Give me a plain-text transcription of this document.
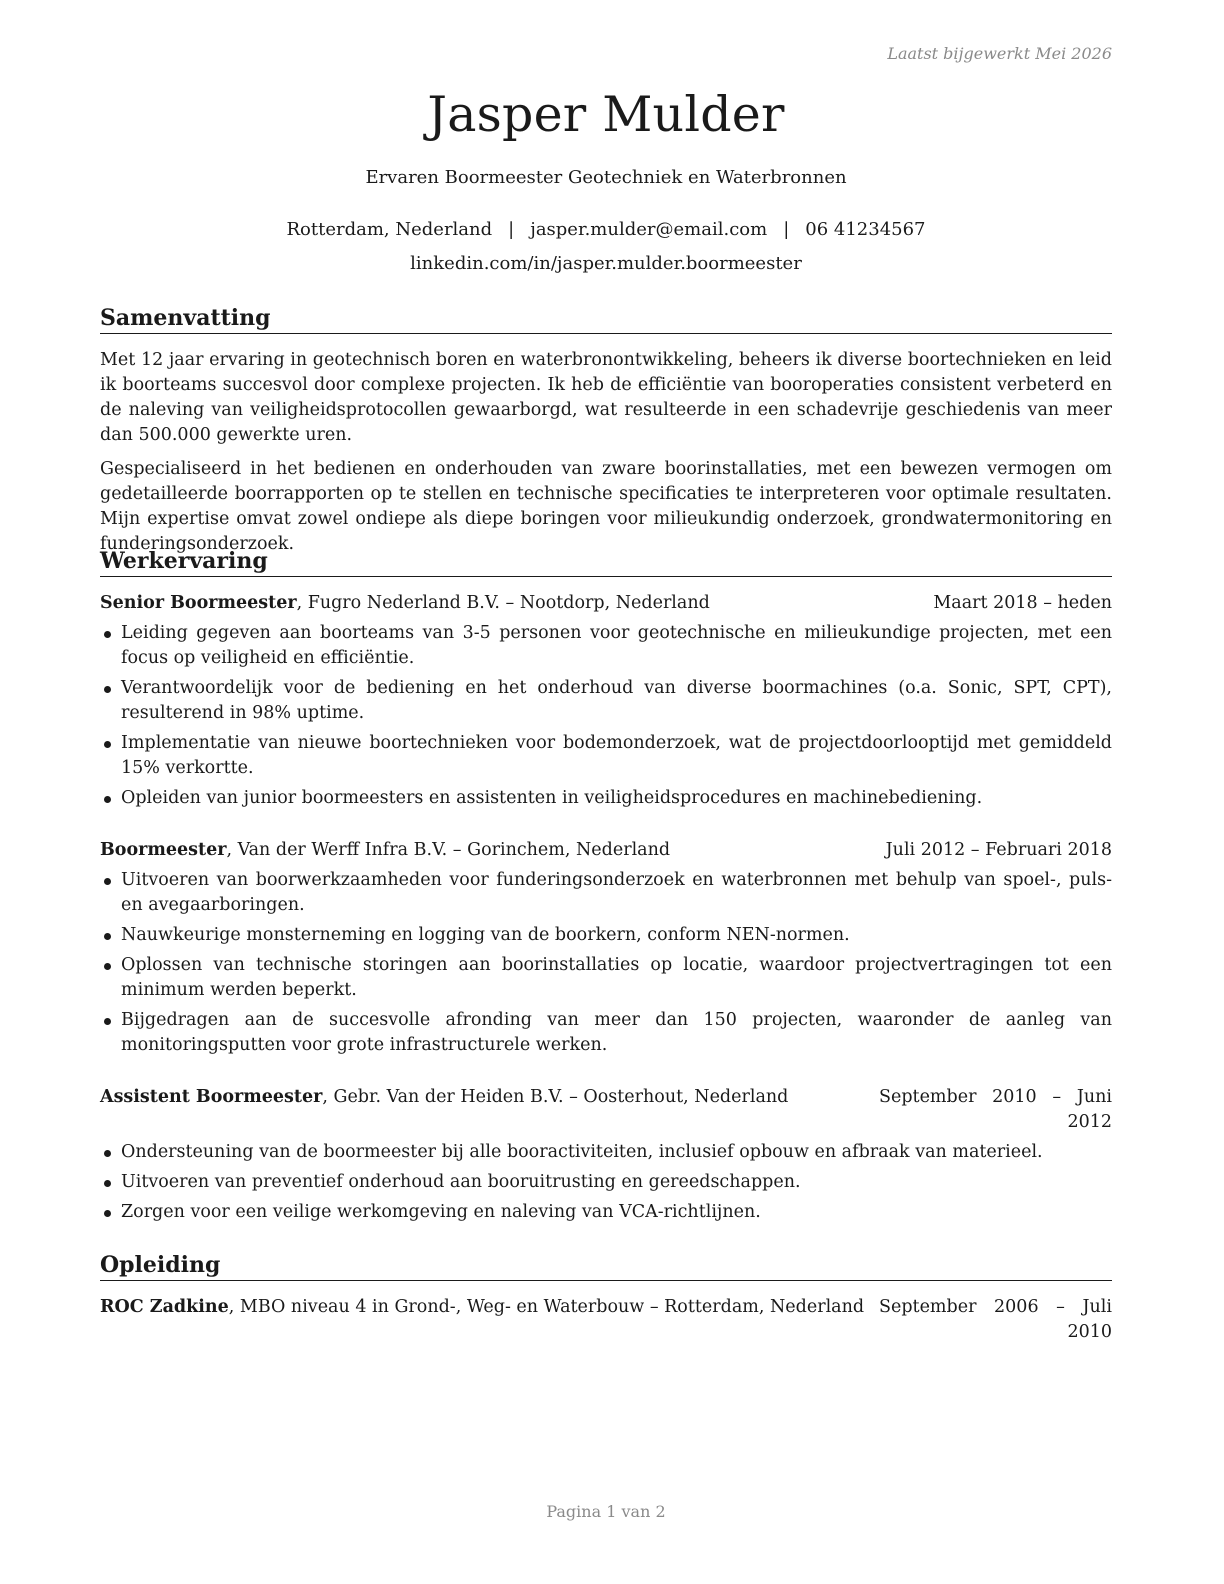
Laatst bijgewerkt Mei 2026
Jasper Mulder
Ervaren Boormeester Geotechniek en Waterbronnen
Rotterdam, Nederland | jasper.mulder@email.com | 06 41234567
linkedin.com/in/jasper.mulder.boormeester
Samenvatting
Met 12 jaar ervaring in geotechnisch boren en waterbronontwikkeling, beheers ik diverse boortechnieken en leid ik boorteams succesvol door complexe projecten. Ik heb de efficiëntie van booroperaties consistent verbeterd en de naleving van veiligheidsprotocollen gewaarborgd, wat resulteerde in een schadevrije geschiedenis van meer dan 500.000 gewerkte uren.
Gespecialiseerd in het bedienen en onderhouden van zware boorinstallaties, met een bewezen vermogen om gedetailleerde boorrapporten op te stellen en technische specificaties te interpreteren voor optimale resultaten. Mijn expertise omvat zowel ondiepe als diepe boringen voor milieukundig onderzoek, grondwatermonitoring en funderingsonderzoek.
Werkervaring
Senior Boormeester, Fugro Nederland B.V. – Nootdorp, Nederland	Maart 2018 – heden
Leiding gegeven aan boorteams van 3-5 personen voor geotechnische en milieukundige projecten, met een focus op veiligheid en efficiëntie.
Verantwoordelijk voor de bediening en het onderhoud van diverse boormachines (o.a. Sonic, SPT, CPT), resulterend in 98% uptime.
Implementatie van nieuwe boortechnieken voor bodemonderzoek, wat de projectdoorlooptijd met gemiddeld 15% verkortte.
Opleiden van junior boormeesters en assistenten in veiligheidsprocedures en machinebediening.
Boormeester, Van der Werff Infra B.V. – Gorinchem, Nederland	Juli 2012 – Februari 2018
Uitvoeren van boorwerkzaamheden voor funderingsonderzoek en waterbronnen met behulp van spoel-, puls- en avegaarboringen.
Nauwkeurige monsterneming en logging van de boorkern, conform NEN-normen.
Oplossen van technische storingen aan boorinstallaties op locatie, waardoor projectvertragingen tot een minimum werden beperkt.
Bijgedragen aan de succesvolle afronding van meer dan 150 projecten, waaronder de aanleg van monitoringsputten voor grote infrastructurele werken.
Assistent Boormeester, Gebr. Van der Heiden B.V. – Oosterhout, Nederland	September 2010 – Juni 2012
Ondersteuning van de boormeester bij alle booractiviteiten, inclusief opbouw en afbraak van materieel.
Uitvoeren van preventief onderhoud aan booruitrusting en gereedschappen.
Zorgen voor een veilige werkomgeving en naleving van VCA-richtlijnen.
Opleiding
ROC Zadkine, MBO niveau 4 in Grond-, Weg- en Waterbouw – Rotterdam, Nederland September 2006 – Juli 2010
Pagina 1 van 2
